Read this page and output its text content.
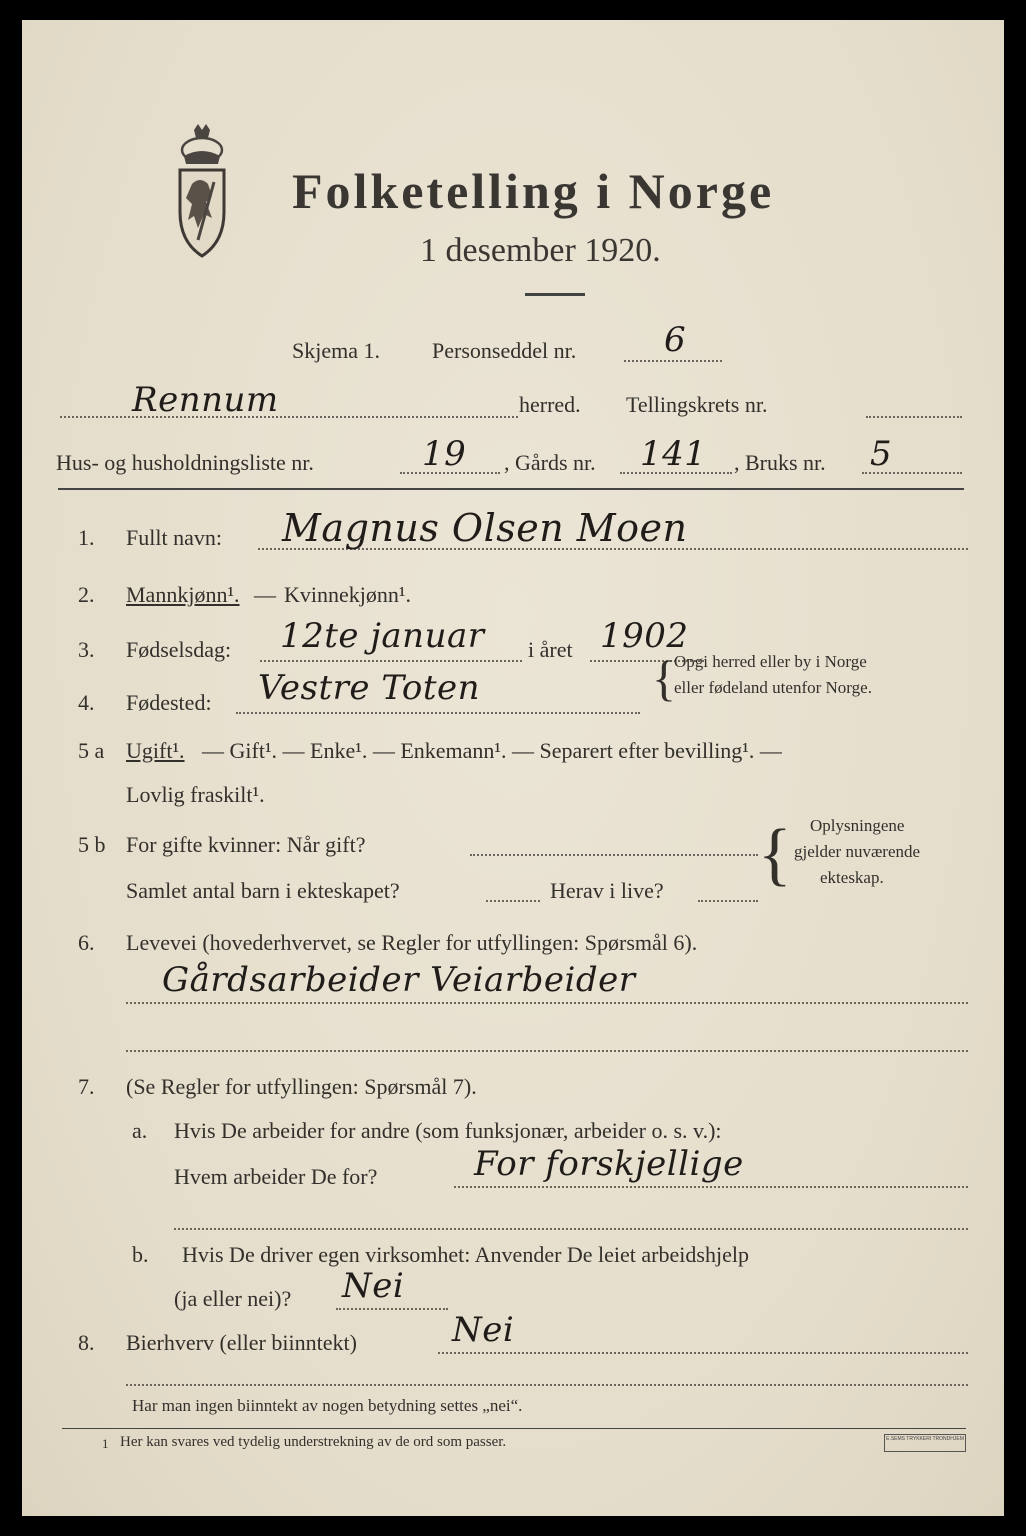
Folketelling i Norge
1 desember 1920.
Skjema 1. Personseddel nr.	6
Rennum	herred. Tellingskrets nr.
Hus- og husholdningsliste nr.	19 , Gårds nr. 141 , Bruks nr. 5
1. Fullt navn: Magnus Olsen Moen
2. Mannkjønn¹. — Kvinnekjønn¹.
3. Fødselsdag: 12te januar i året 1902
4. Fødested: Vestre Toten	{
Opgi herred eller by i Norge
eller fødeland utenfor Norge.
5 a Ugift¹. — Gift¹. — Enke¹. — Enkemann¹. — Separert efter bevilling¹. —
Lovlig fraskilt¹.
5 b For gifte kvinner: Når gift?
Samlet antal barn i ekteskapet?	Herav i live? { Oplysningene
gjelder nuværende
ekteskap.
6. Levevei (hovederhvervet, se Regler for utfyllingen: Spørsmål 6).
Gårdsarbeider Veiarbeider
7. (Se Regler for utfyllingen: Spørsmål 7).
a. Hvis De arbeider for andre (som funksjonær, arbeider o. s. v.):
Hvem arbeider De for?	For forskjellige
b. Hvis De driver egen virksomhet: Anvender De leiet arbeidshjelp
(ja eller nei)? Nei
8. Bierhverv (eller biinntekt)	Nei
Har man ingen biinntekt av nogen betydning settes „nei“.
1 Her kan svares ved tydelig understrekning av de ord som passer.	E.SEMS TRYKKERI TRONDHJEM
